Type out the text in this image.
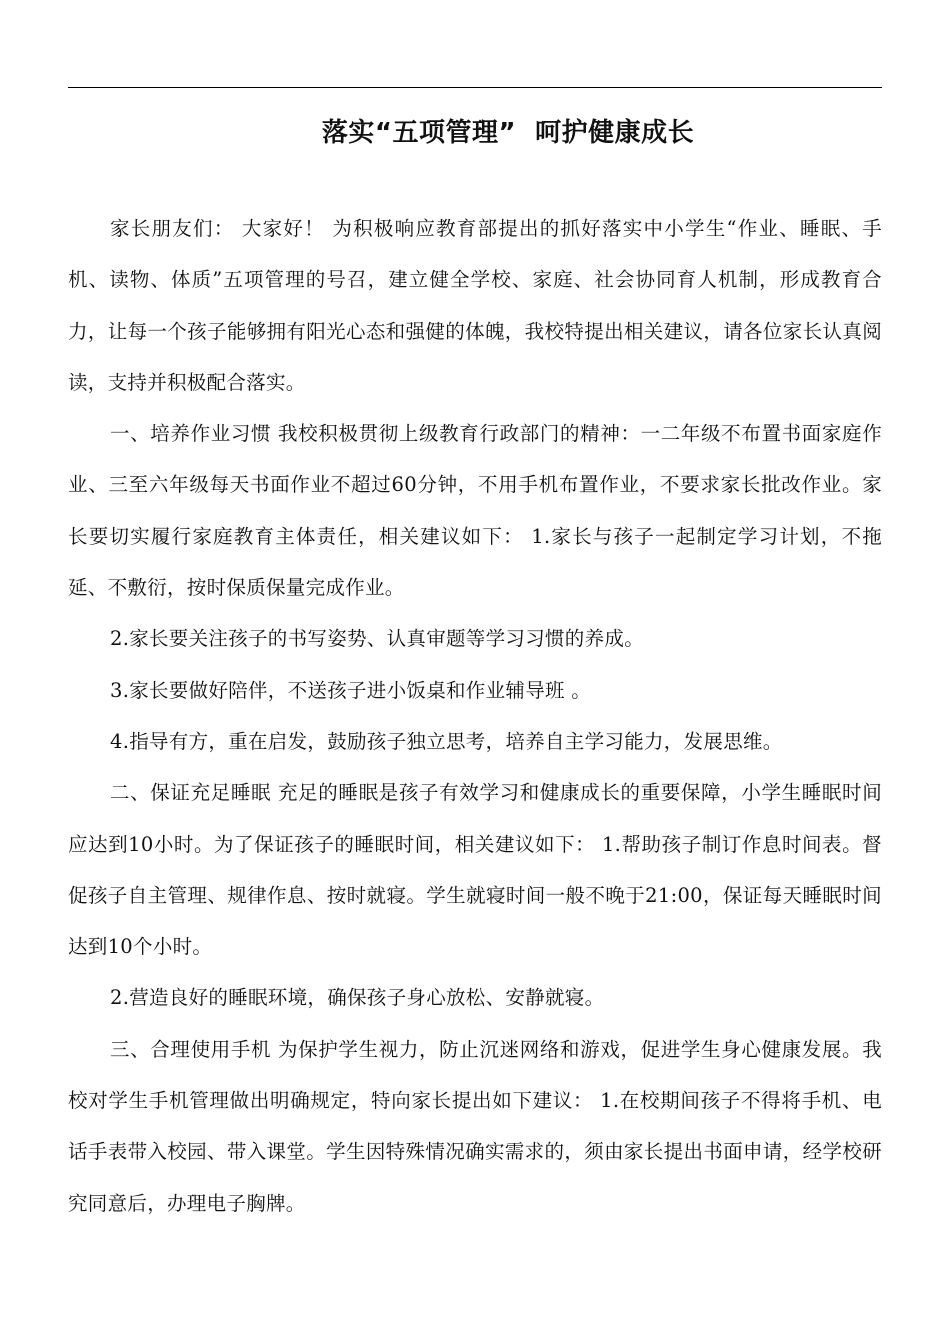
落实“五项管理”  呵护健康成长

家长朋友们： 大家好！ 为积极响应教育部提出的抓好落实中小学生“作业、睡眠、手机、读物、体质”五项管理的号召，建立健全学校、家庭、社会协同育人机制，形成教育合力，让每一个孩子能够拥有阳光心态和强健的体魄，我校特提出相关建议，请各位家长认真阅读，支持并积极配合落实。

一、培养作业习惯 我校积极贯彻上级教育行政部门的精神：一二年级不布置书面家庭作业、三至六年级每天书面作业不超过60分钟，不用手机布置作业，不要求家长批改作业。家长要切实履行家庭教育主体责任，相关建议如下： 1.家长与孩子一起制定学习计划，不拖延、不敷衍，按时保质保量完成作业。

2.家长要关注孩子的书写姿势、认真审题等学习习惯的养成。

3.家长要做好陪伴，不送孩子进小饭桌和作业辅导班 。

4.指导有方，重在启发，鼓励孩子独立思考，培养自主学习能力，发展思维。

二、保证充足睡眠 充足的睡眠是孩子有效学习和健康成长的重要保障，小学生睡眠时间应达到10小时。为了保证孩子的睡眠时间，相关建议如下： 1.帮助孩子制订作息时间表。督促孩子自主管理、规律作息、按时就寝。学生就寝时间一般不晚于21:00，保证每天睡眠时间达到10个小时。

2.营造良好的睡眠环境，确保孩子身心放松、安静就寝。

三、合理使用手机 为保护学生视力，防止沉迷网络和游戏，促进学生身心健康发展。我校对学生手机管理做出明确规定，特向家长提出如下建议： 1.在校期间孩子不得将手机、电话手表带入校园、带入课堂。学生因特殊情况确实需求的，须由家长提出书面申请，经学校研究同意后，办理电子胸牌。
